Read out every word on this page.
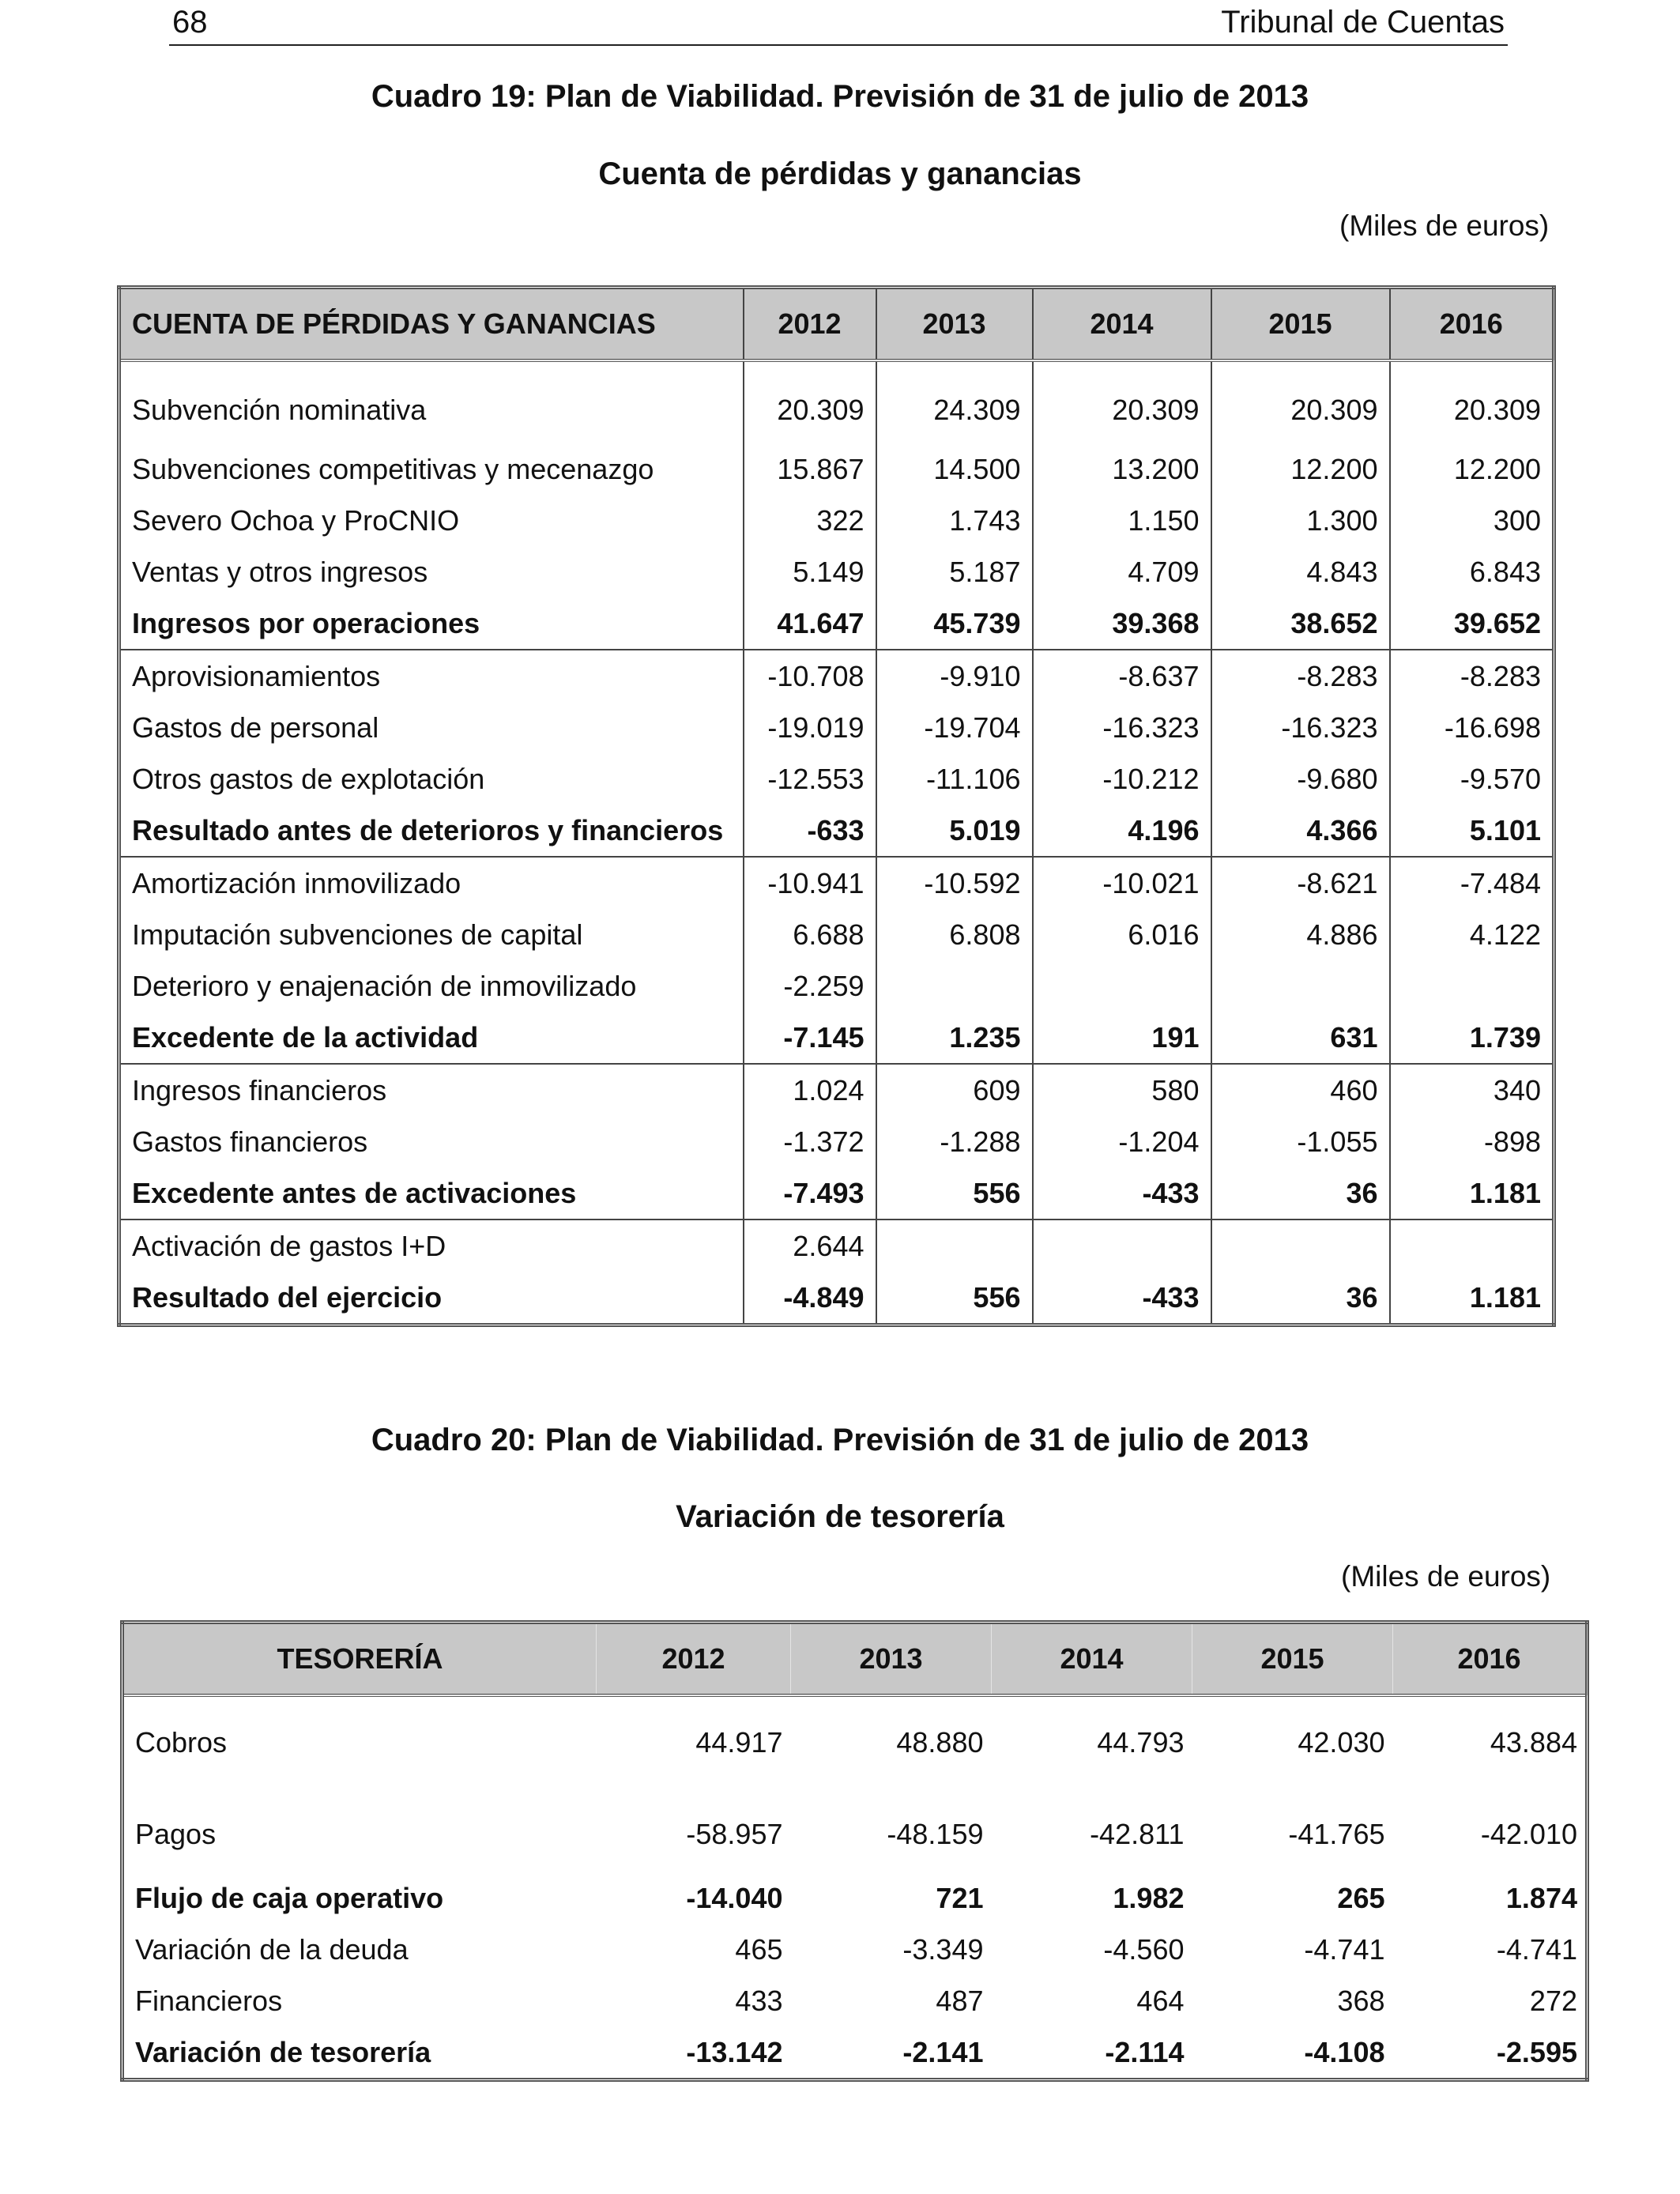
68	Tribunal de Cuentas
Cuadro 19: Plan de Viabilidad. Previsión de 31 de julio de 2013
Cuenta de pérdidas y ganancias
(Miles de euros)
CUENTA DE PÉRDIDAS Y GANANCIAS	2012	2013	2014	2015	2016
Subvención nominativa	20.309	24.309	20.309	20.309	20.309
Subvenciones competitivas y mecenazgo	15.867	14.500	13.200	12.200	12.200
Severo Ochoa y ProCNIO	322	1.743	1.150	1.300	300
Ventas y otros ingresos	5.149	5.187	4.709	4.843	6.843
Ingresos por operaciones	41.647	45.739	39.368	38.652	39.652
Aprovisionamientos	-10.708	-9.910	-8.637	-8.283	-8.283
Gastos de personal	-19.019	-19.704	-16.323	-16.323	-16.698
Otros gastos de explotación	-12.553	-11.106	-10.212	-9.680	-9.570
Resultado antes de deterioros y financieros	-633	5.019	4.196	4.366	5.101
Amortización inmovilizado	-10.941	-10.592	-10.021	-8.621	-7.484
Imputación subvenciones de capital	6.688	6.808	6.016	4.886	4.122
Deterioro y enajenación de inmovilizado	-2.259				
Excedente de la actividad	-7.145	1.235	191	631	1.739
Ingresos financieros	1.024	609	580	460	340
Gastos financieros	-1.372	-1.288	-1.204	-1.055	-898
Excedente antes de activaciones	-7.493	556	-433	36	1.181
Activación de gastos I+D	2.644				
Resultado del ejercicio	-4.849	556	-433	36	1.181
Cuadro 20: Plan de Viabilidad. Previsión de 31 de julio de 2013
Variación de tesorería
(Miles de euros)
TESORERÍA	2012	2013	2014	2015	2016
Cobros	44.917	48.880	44.793	42.030	43.884
Pagos	-58.957	-48.159	-42.811	-41.765	-42.010
Flujo de caja operativo	-14.040	721	1.982	265	1.874
Variación de la deuda	465	-3.349	-4.560	-4.741	-4.741
Financieros	433	487	464	368	272
Variación de tesorería	-13.142	-2.141	-2.114	-4.108	-2.595
